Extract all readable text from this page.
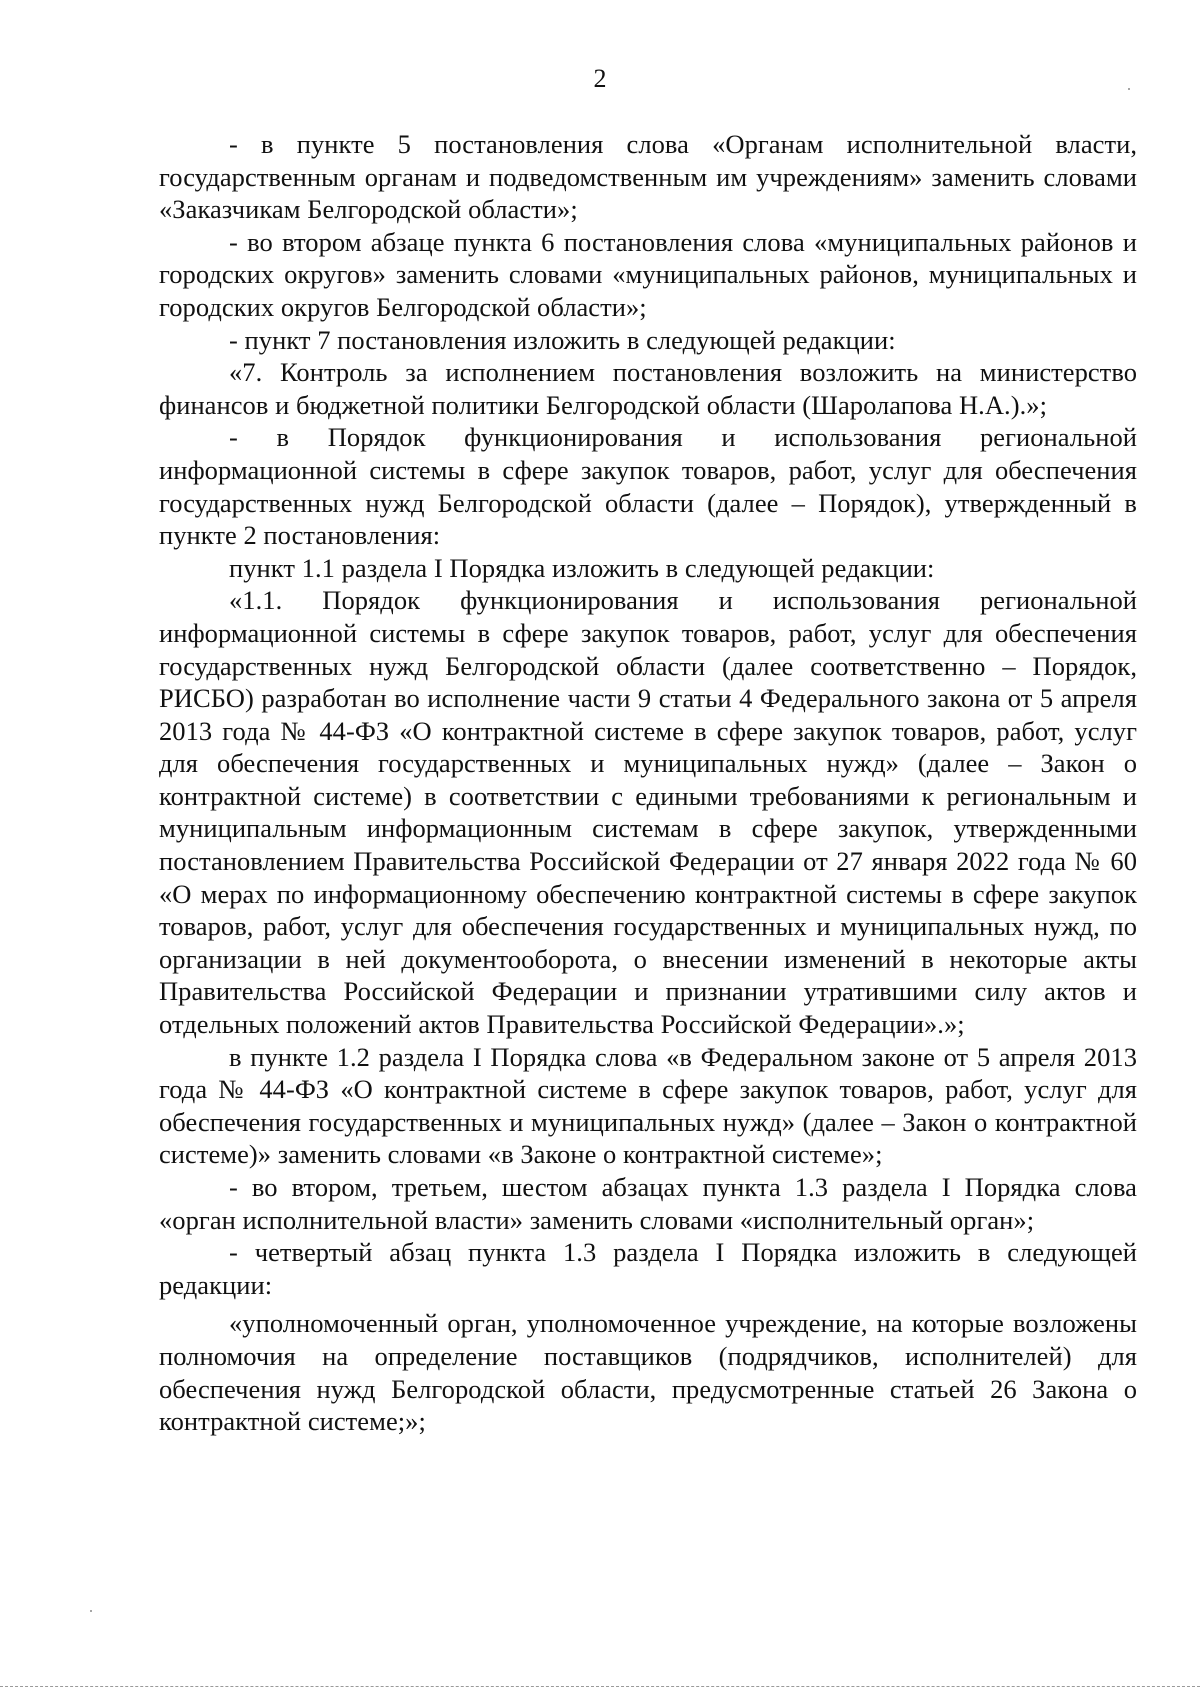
2

- в пункте 5 постановления слова «Органам исполнительной власти, государственным органам и подведомственным им учреждениям» заменить словами «Заказчикам Белгородской области»;

- во втором абзаце пункта 6 постановления слова «муниципальных районов и городских округов» заменить словами «муниципальных районов, муниципальных и городских округов Белгородской области»;

- пункт 7 постановления изложить в следующей редакции:

«7. Контроль за исполнением постановления возложить на министерство финансов и бюджетной политики Белгородской области (Шаролапова Н.А.).»;

- в Порядок функционирования и использования региональной информационной системы в сфере закупок товаров, работ, услуг для обеспечения государственных нужд Белгородской области (далее – Порядок), утвержденный в пункте 2 постановления:

пункт 1.1 раздела I Порядка изложить в следующей редакции:

«1.1. Порядок функционирования и использования региональной информационной системы в сфере закупок товаров, работ, услуг для обеспечения государственных нужд Белгородской области (далее соответственно – Порядок, РИСБО) разработан во исполнение части 9 статьи 4 Федерального закона от 5 апреля 2013 года № 44-ФЗ «О контрактной системе в сфере закупок товаров, работ, услуг для обеспечения государственных и муниципальных нужд» (далее – Закон о контрактной системе) в соответствии с едиными требованиями к региональным и муниципальным информационным системам в сфере закупок, утвержденными постановлением Правительства Российской Федерации от 27 января 2022 года № 60 «О мерах по информационному обеспечению контрактной системы в сфере закупок товаров, работ, услуг для обеспечения государственных и муниципальных нужд, по организации в ней документооборота, о внесении изменений в некоторые акты Правительства Российской Федерации и признании утратившими силу актов и отдельных положений актов Правительства Российской Федерации».»;

в пункте 1.2 раздела I Порядка слова «в Федеральном законе от 5 апреля 2013 года № 44-ФЗ «О контрактной системе в сфере закупок товаров, работ, услуг для обеспечения государственных и муниципальных нужд» (далее – Закон о контрактной системе)» заменить словами «в Законе о контрактной системе»;

- во втором, третьем, шестом абзацах пункта 1.3 раздела I Порядка слова «орган исполнительной власти» заменить словами «исполнительный орган»;

- четвертый абзац пункта 1.3 раздела I Порядка изложить в следующей редакции:

«уполномоченный орган, уполномоченное учреждение, на которые возложены полномочия на определение поставщиков (подрядчиков, исполнителей) для обеспечения нужд Белгородской области, предусмотренные статьей 26 Закона о контрактной системе;»;
